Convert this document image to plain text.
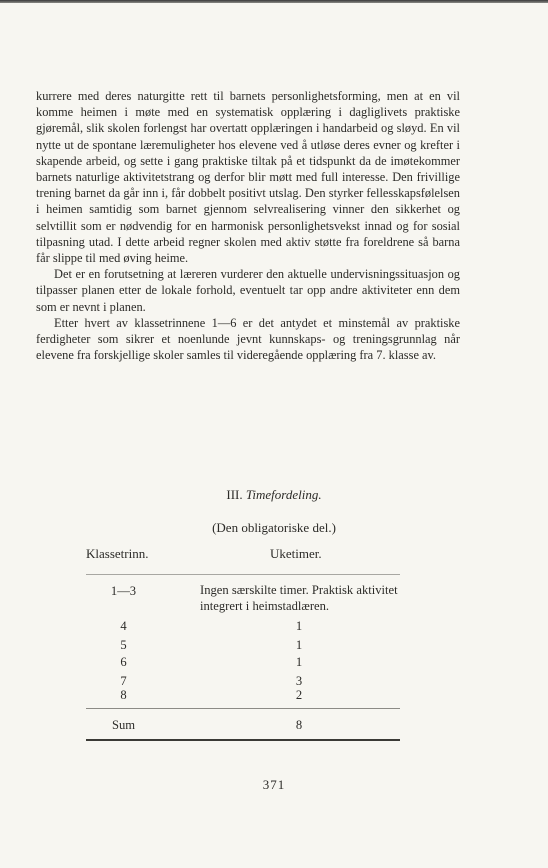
kurrere med deres naturgitte rett til barnets personlighetsforming, men at en vil komme heimen i møte med en systematisk opplæring i dagliglivets praktiske gjøremål, slik skolen forlengst har overtatt opplæringen i handarbeid og sløyd. En vil nytte ut de spontane læremuligheter hos elevene ved å utløse deres evner og krefter i skapende arbeid, og sette i gang praktiske tiltak på et tidspunkt da de imøtekommer barnets naturlige aktivitetstrang og derfor blir møtt med full interesse. Den frivillige trening barnet da går inn i, får dobbelt positivt utslag. Den styrker fellesskapsfølelsen i heimen samtidig som barnet gjennom selvrealisering vinner den sikkerhet og selvtillit som er nødvendig for en harmonisk personlighetsvekst innad og for sosial tilpasning utad. I dette arbeid regner skolen med aktiv støtte fra foreldrene så barna får slippe til med øving heime.

Det er en forutsetning at læreren vurderer den aktuelle undervisningssituasjon og tilpasser planen etter de lokale forhold, eventuelt tar opp andre aktiviteter enn dem som er nevnt i planen.

Etter hvert av klassetrinnene 1—6 er det antydet et minstemål av praktiske ferdigheter som sikrer et noenlunde jevnt kunnskaps- og treningsgrunnlag når elevene fra forskjellige skoler samles til videregående opplæring fra 7. klasse av.

III. Timefordeling.
(Den obligatoriske del.)
Klassetrinn.	Uketimer.
1—3	Ingen særskilte timer. Praktisk aktivitet integrert i heimstadlæren.
4	1
5	1
6	1
7	3
8	2
Sum	8
371
